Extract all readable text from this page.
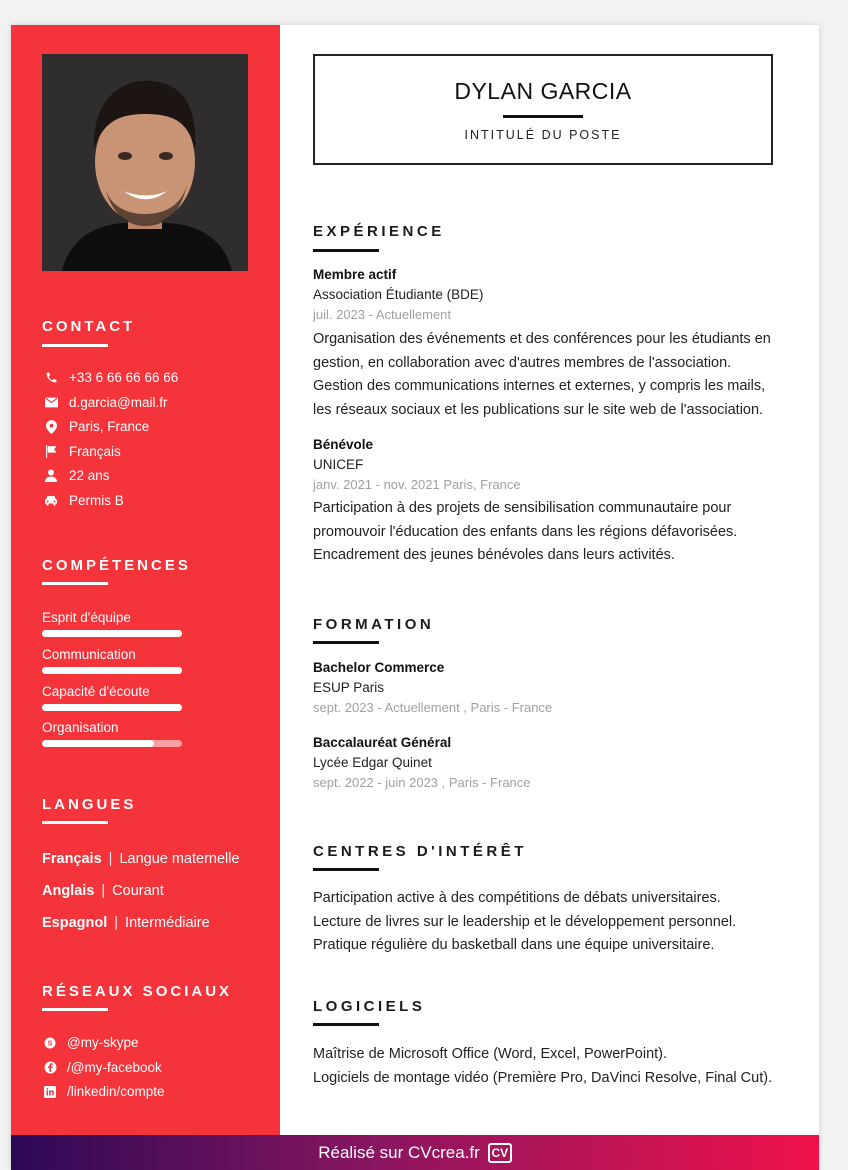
CONTACT
+33 6 66 66 66 66
d.garcia@mail.fr
Paris, France
Français
22 ans
Permis B
COMPÉTENCES
Esprit d'équipe
Communication
Capacité d'écoute
Organisation
LANGUES
Français | Langue maternelle
Anglais | Courant
Espagnol | Intermédiaire
RÉSEAUX SOCIAUX
S @my-skype
/@my-facebook
/linkedin/compte
DYLAN GARCIA
INTITULÉ DU POSTE
EXPÉRIENCE
Membre actif
Association Étudiante (BDE)
juil. 2023 - Actuellement
Organisation des événements et des conférences pour les étudiants en gestion, en collaboration avec d'autres membres de l'association. Gestion des communications internes et externes, y compris les mails, les réseaux sociaux et les publications sur le site web de l'association.
Bénévole
UNICEF
janv. 2021 - nov. 2021 Paris, France
Participation à des projets de sensibilisation communautaire pour promouvoir l'éducation des enfants dans les régions défavorisées. Encadrement des jeunes bénévoles dans leurs activités.
FORMATION
Bachelor Commerce
ESUP Paris
sept. 2023 - Actuellement , Paris - France
Baccalauréat Général
Lycée Edgar Quinet
sept. 2022 - juin 2023 , Paris - France
CENTRES D'INTÉRÊT
Participation active à des compétitions de débats universitaires.
Lecture de livres sur le leadership et le développement personnel.
Pratique régulière du basketball dans une équipe universitaire.
LOGICIELS
Maîtrise de Microsoft Office (Word, Excel, PowerPoint).
Logiciels de montage vidéo (Première Pro, DaVinci Resolve, Final Cut).
Réalisé sur CVcrea.fr CV
